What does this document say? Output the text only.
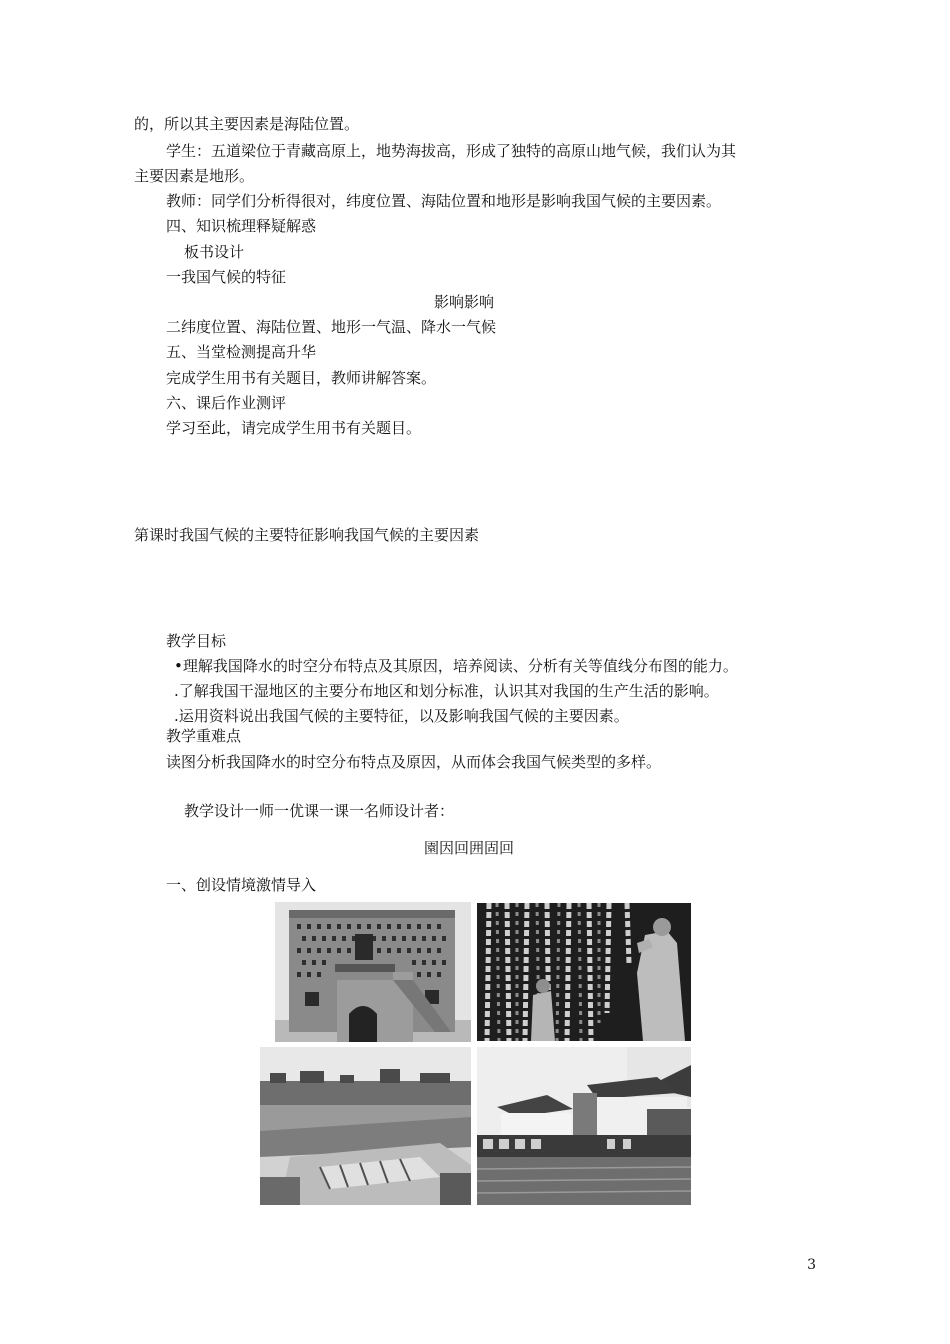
的，所以其主要因素是海陆位置。
学生：五道梁位于青藏高原上，地势海拔高，形成了独特的高原山地气候，我们认为其
主要因素是地形。
教师：同学们分析得很对，纬度位置、海陆位置和地形是影响我国气候的主要因素。
四、知识梳理释疑解惑
板书设计
一我国气候的特征
影响影响
二纬度位置、海陆位置、地形一气温、降水一气候
五、当堂检测提高升华
完成学生用书有关题目，教师讲解答案。
六、课后作业测评
学习至此，请完成学生用书有关题目。
第课时我国气候的主要特征影响我国气候的主要因素
教学目标
•理解我国降水的时空分布特点及其原因，培养阅读、分析有关等值线分布图的能力。
.了解我国干湿地区的主要分布地区和划分标准，认识其对我国的生产生活的影响。
.运用资料说出我国气候的主要特征，以及影响我国气候的主要因素。
教学重难点
读图分析我国降水的时空分布特点及原因，从而体会我国气候类型的多样。
教学设计一师一优课一课一名师设计者：
園因回囲固回
一、创设情境激情导入
3
